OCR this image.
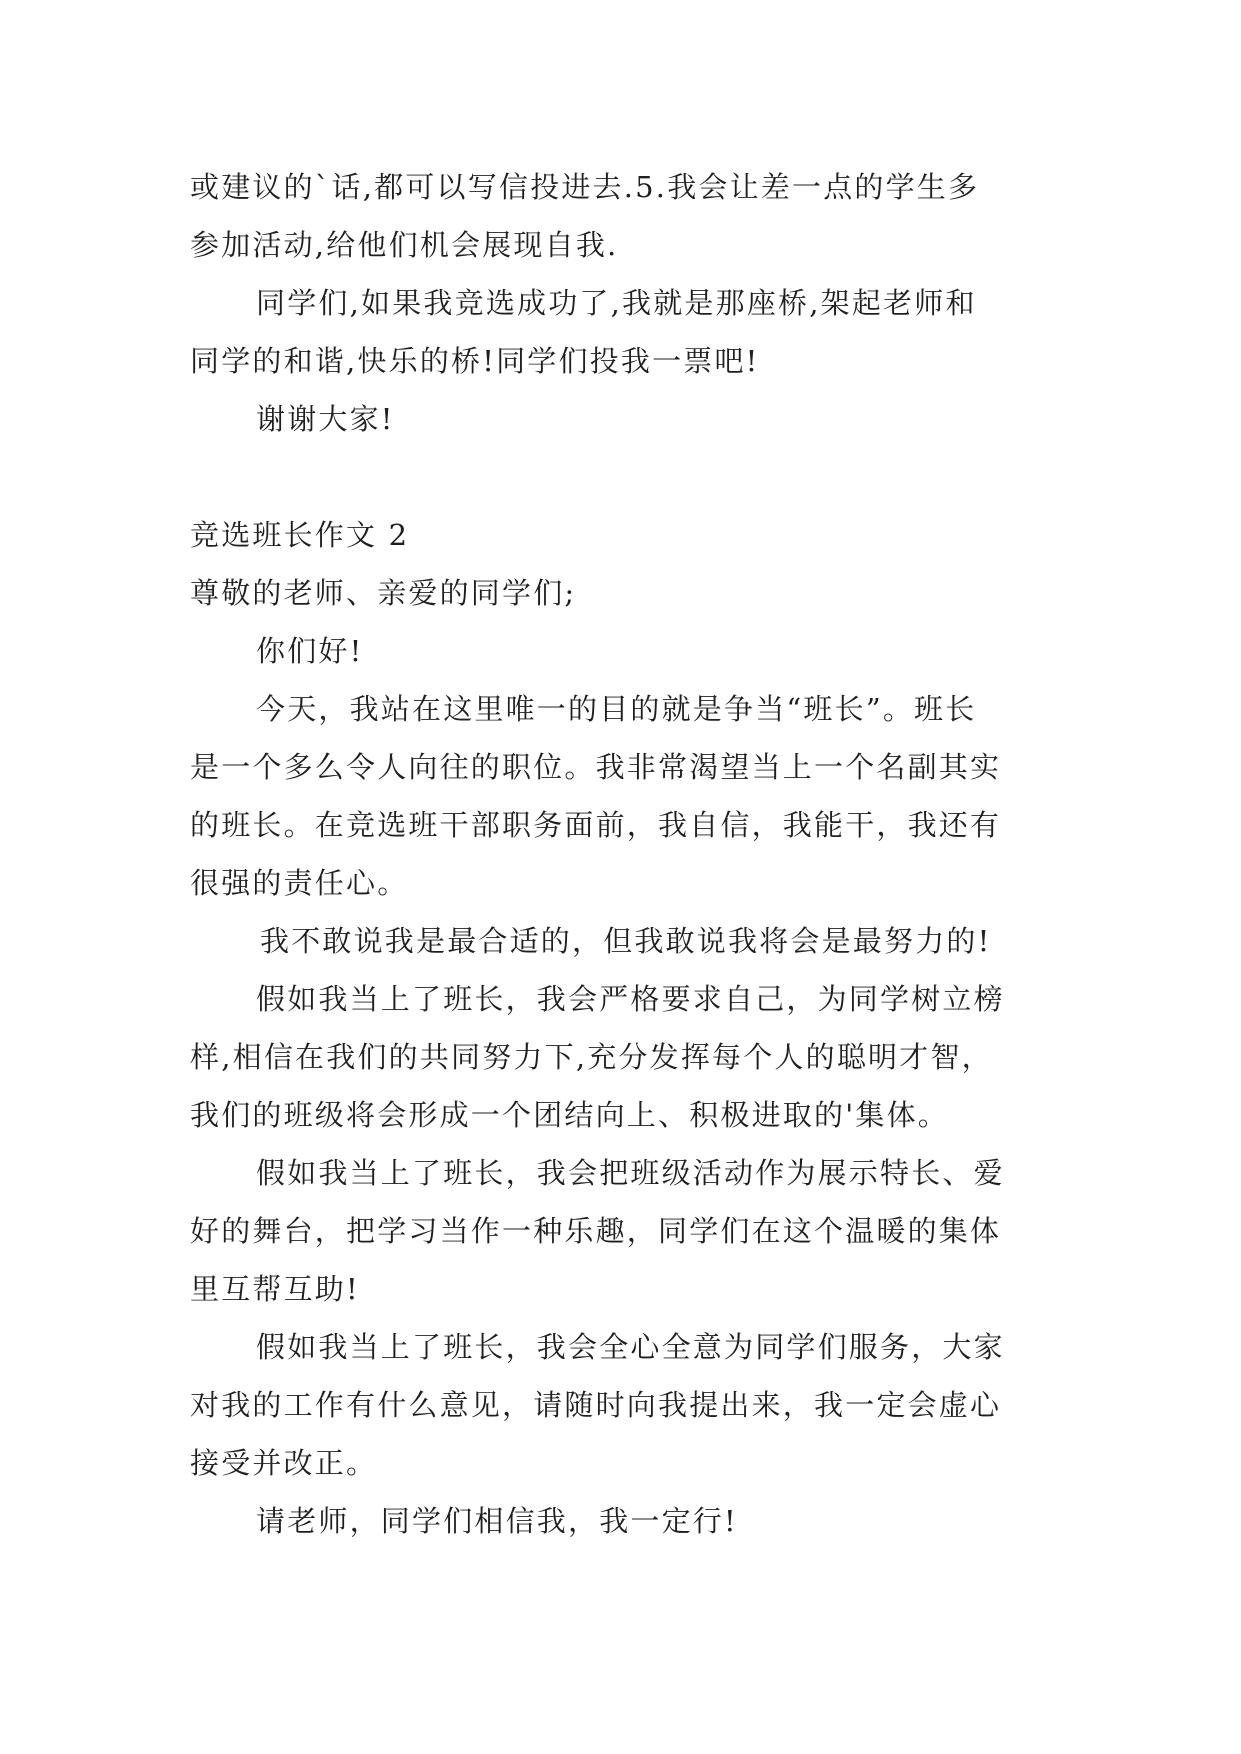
或建议的`话,都可以写信投进去.5.我会让差一点的学生多
参加活动,给他们机会展现自我.
同学们,如果我竞选成功了,我就是那座桥,架起老师和
同学的和谐,快乐的桥!同学们投我一票吧!
谢谢大家!
竞选班长作文 2
尊敬的老师、亲爱的同学们;
你们好!
今天，我站在这里唯一的目的就是争当“班长”。班长
是一个多么令人向往的职位。我非常渴望当上一个名副其实
的班长。在竞选班干部职务面前，我自信，我能干，我还有
很强的责任心。
我不敢说我是最合适的，但我敢说我将会是最努力的!
假如我当上了班长，我会严格要求自己，为同学树立榜
样,相信在我们的共同努力下,充分发挥每个人的聪明才智，
我们的班级将会形成一个团结向上、积极进取的'集体。
假如我当上了班长，我会把班级活动作为展示特长、爱
好的舞台，把学习当作一种乐趣，同学们在这个温暖的集体
里互帮互助!
假如我当上了班长，我会全心全意为同学们服务，大家
对我的工作有什么意见，请随时向我提出来，我一定会虚心
接受并改正。
请老师，同学们相信我，我一定行!
